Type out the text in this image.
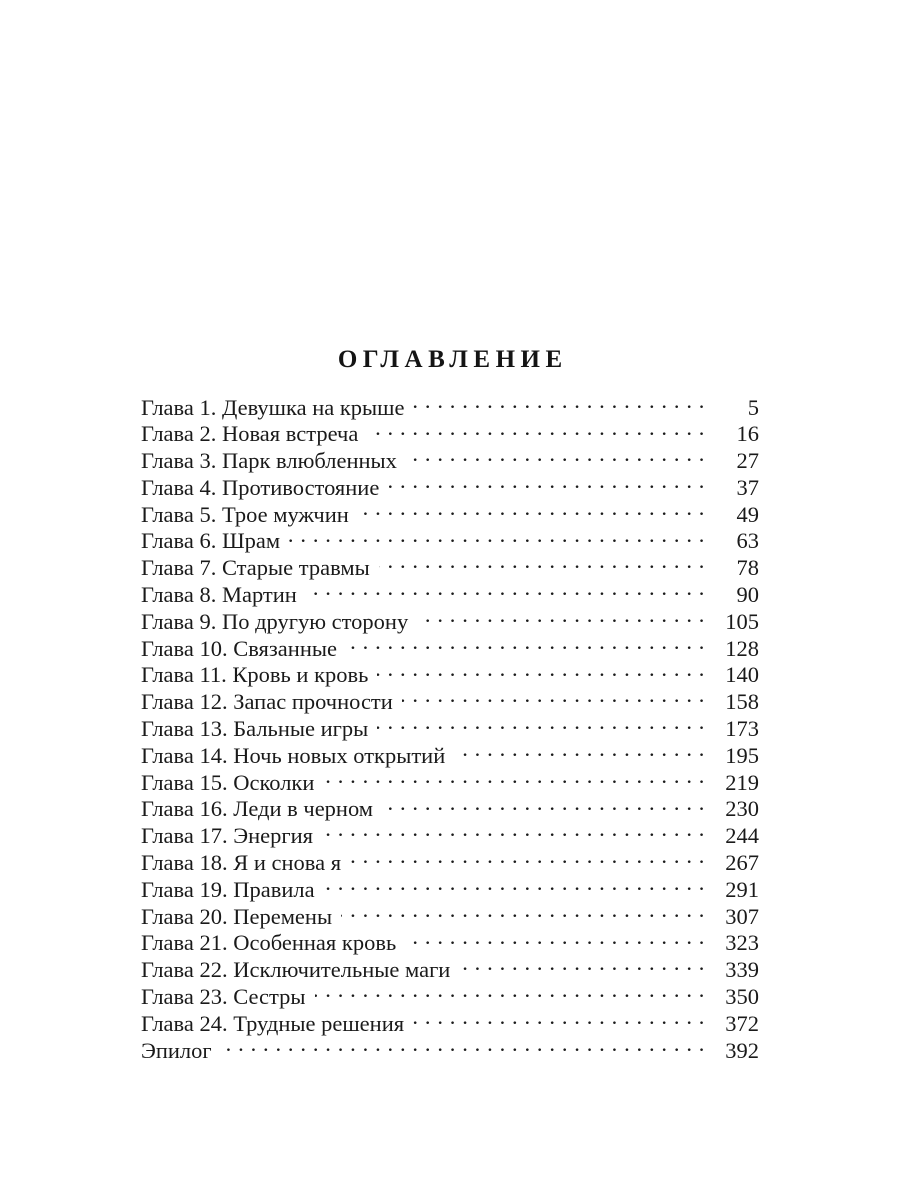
ОГЛАВЛЕНИЕ
Глава 1. Девушка на крыше . . .	5
Глава 2. Новая встреча . . .	16
Глава 3. Парк влюбленных . . .	27
Глава 4. Противостояние . . .	37
Глава 5. Трое мужчин . . .	49
Глава 6. Шрам . . .	63
Глава 7. Старые травмы . . .	78
Глава 8. Мартин . . .	90
Глава 9. По другую сторону . . .	105
Глава 10. Связанные . . .	128
Глава 11. Кровь и кровь . . .	140
Глава 12. Запас прочности . . .	158
Глава 13. Бальные игры . . .	173
Глава 14. Ночь новых открытий . . .	195
Глава 15. Осколки . . .	219
Глава 16. Леди в черном . . .	230
Глава 17. Энергия . . .	244
Глава 18. Я и снова я . . .	267
Глава 19. Правила . . .	291
Глава 20. Перемены . . .	307
Глава 21. Особенная кровь . . .	323
Глава 22. Исключительные маги . . .	339
Глава 23. Сестры . . .	350
Глава 24. Трудные решения . . .	372
Эпилог . . .	392
